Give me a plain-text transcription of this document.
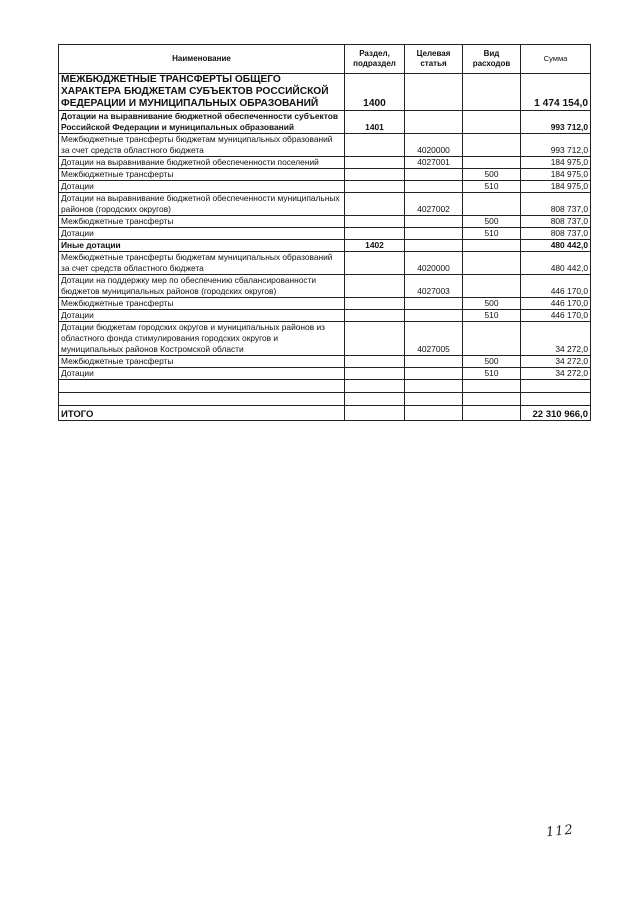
Наименование	Раздел, подраздел	Целевая статья	Вид расходов	Сумма
МЕЖБЮДЖЕТНЫЕ ТРАНСФЕРТЫ ОБЩЕГО ХАРАКТЕРА БЮДЖЕТАМ СУБЪЕКТОВ РОССИЙСКОЙ ФЕДЕРАЦИИ И МУНИЦИПАЛЬНЫХ ОБРАЗОВАНИЙ	1400			1 474 154,0
Дотации на выравнивание бюджетной обеспеченности субъектов Российской Федерации и муниципальных образований	1401			993 712,0
Межбюджетные трансферты бюджетам муниципальных образований за счет средств областного бюджета		4020000		993 712,0
Дотации на выравнивание бюджетной обеспеченности поселений		4027001		184 975,0
Межбюджетные трансферты			500	184 975,0
Дотации			510	184 975,0
Дотации на выравнивание бюджетной обеспеченности муниципальных районов (городских округов)		4027002		808 737,0
Межбюджетные трансферты			500	808 737,0
Дотации			510	808 737,0
Иные дотации	1402			480 442,0
Межбюджетные трансферты бюджетам муниципальных образований за счет средств областного бюджета		4020000		480 442,0
Дотации на поддержку мер по обеспечению сбалансированности бюджетов муниципальных районов (городских округов)		4027003		446 170,0
Межбюджетные трансферты			500	446 170,0
Дотации			510	446 170,0
Дотации бюджетам городских округов и муниципальных районов из областного фонда стимулирования городских округов и муниципальных районов Костромской области		4027005		34 272,0
Межбюджетные трансферты			500	34 272,0
Дотации			510	34 272,0

ИТОГО				22 310 966,0
112
